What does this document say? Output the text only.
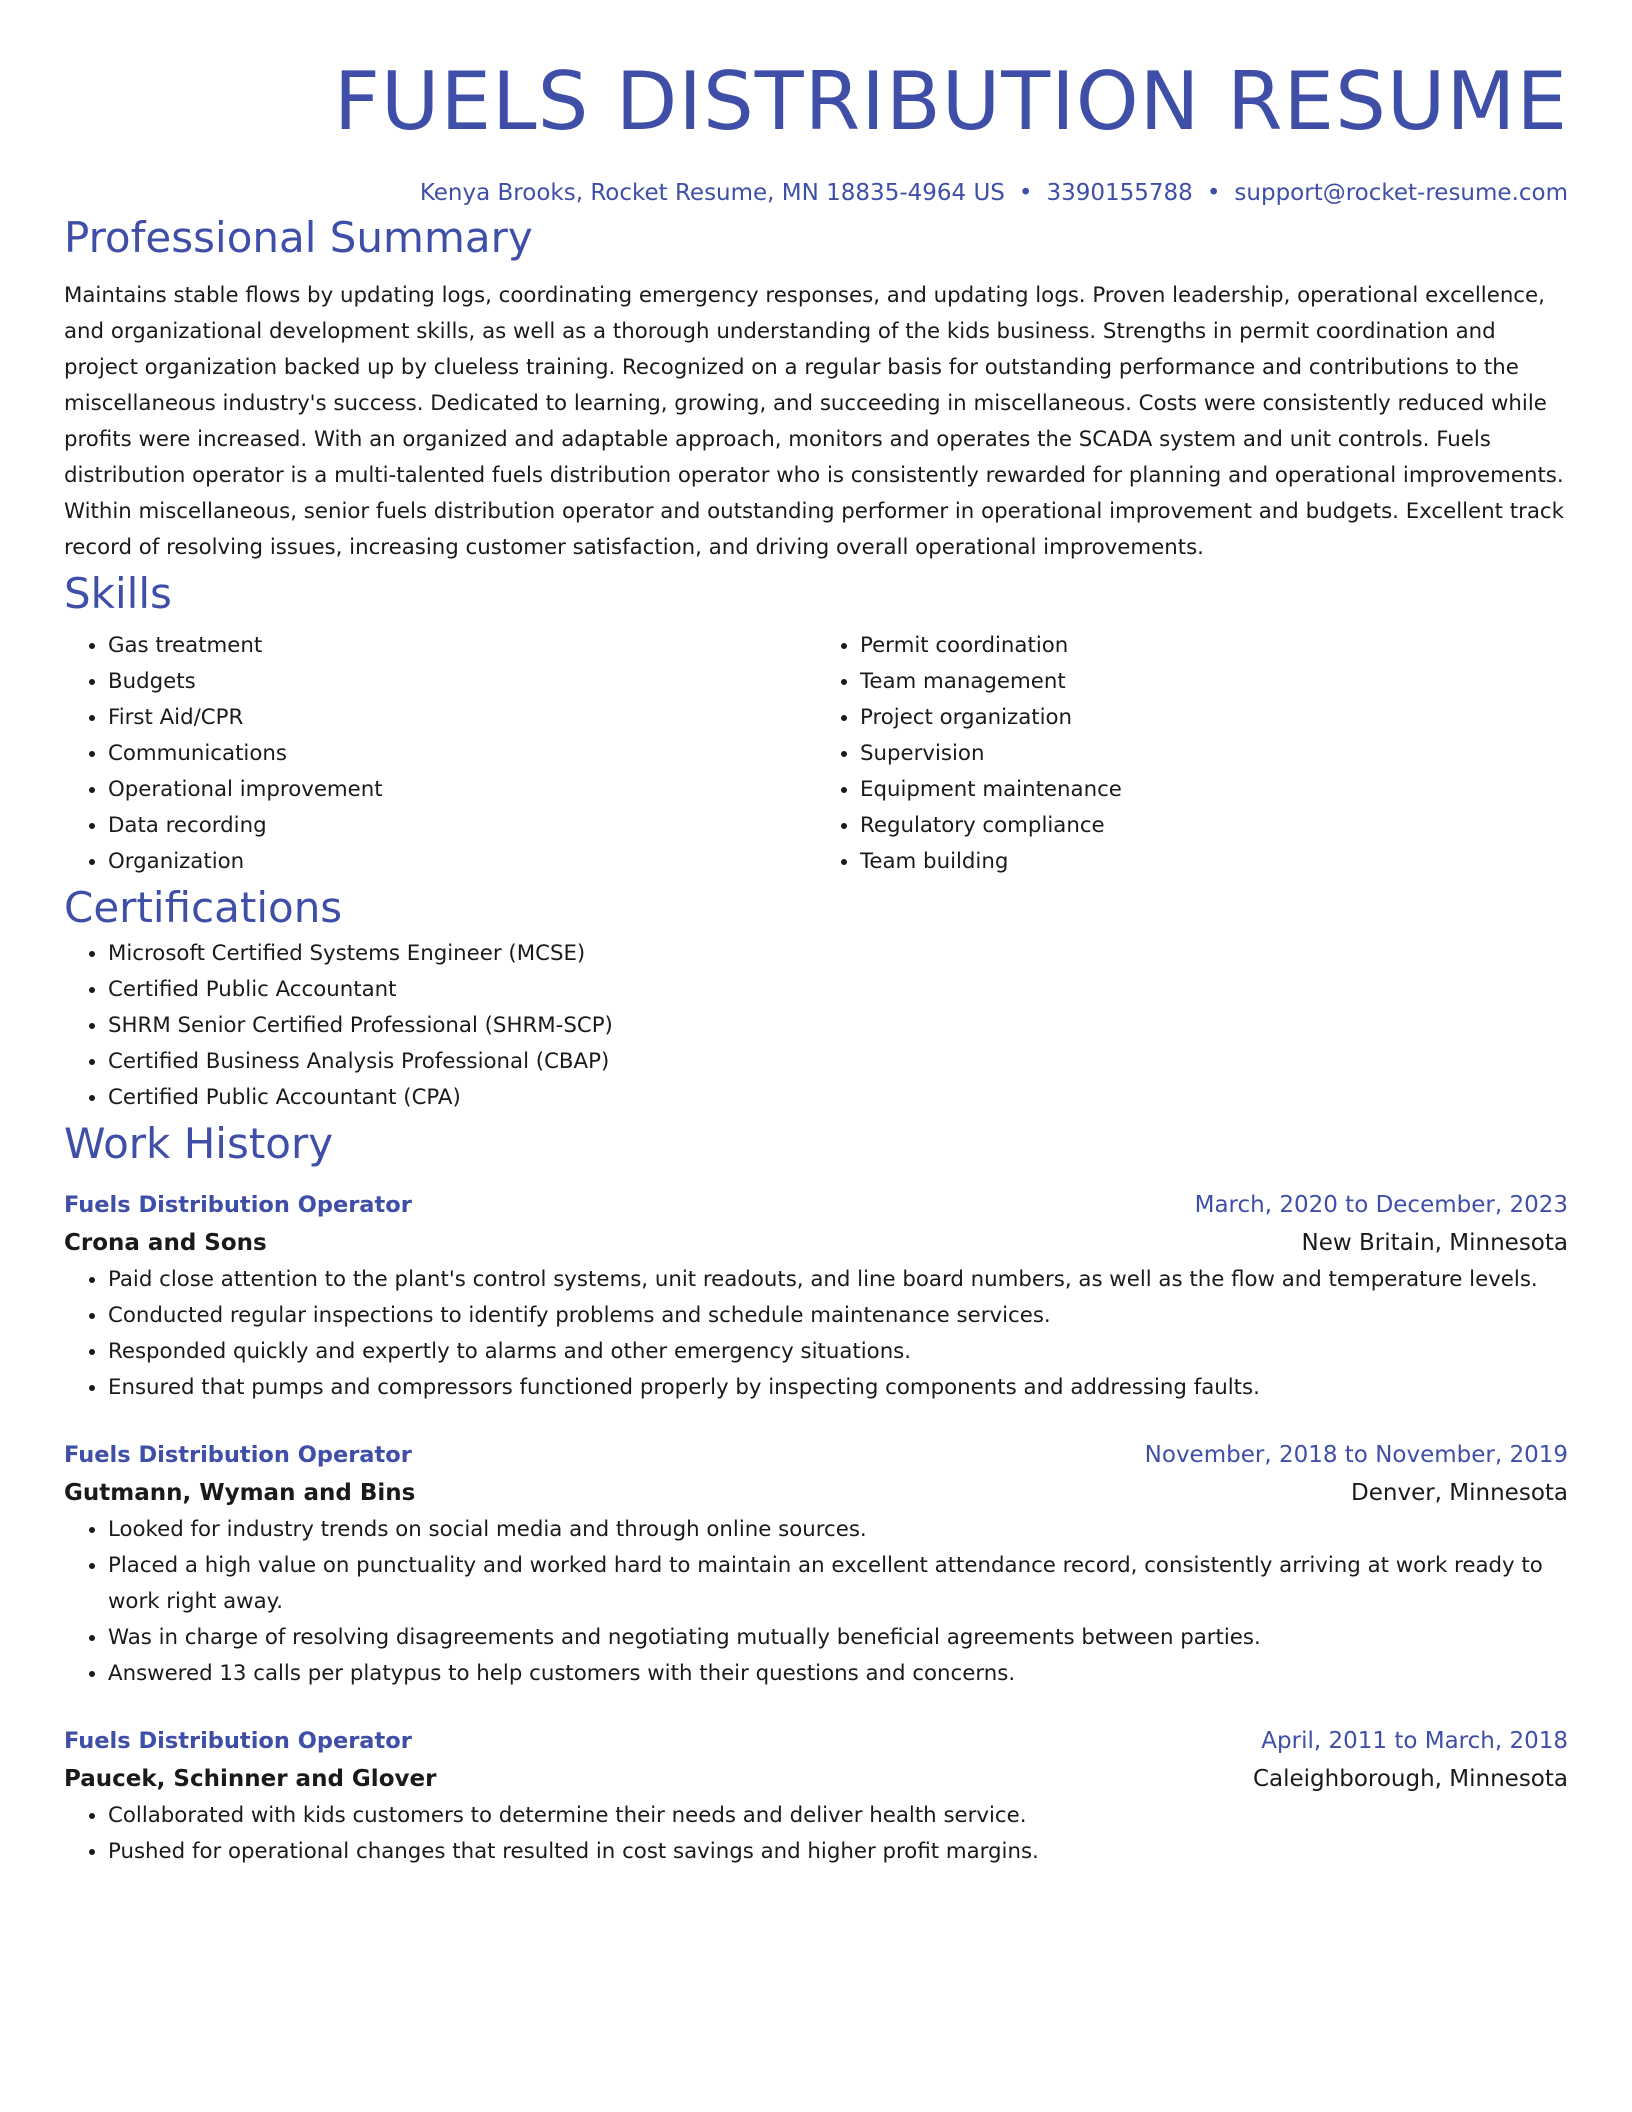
FUELS DISTRIBUTION RESUME
Kenya Brooks, Rocket Resume, MN 18835-4964 US • 3390155788 • support@rocket-resume.com
Professional Summary

Maintains stable flows by updating logs, coordinating emergency responses, and updating logs. Proven leadership, operational excellence, and organizational development skills, as well as a thorough understanding of the kids business. Strengths in permit coordination and project organization backed up by clueless training. Recognized on a regular basis for outstanding performance and contributions to the miscellaneous industry's success. Dedicated to learning, growing, and succeeding in miscellaneous. Costs were consistently reduced while profits were increased. With an organized and adaptable approach, monitors and operates the SCADA system and unit controls. Fuels distribution operator is a multi-talented fuels distribution operator who is consistently rewarded for planning and operational improvements. Within miscellaneous, senior fuels distribution operator and outstanding performer in operational improvement and budgets. Excellent track record of resolving issues, increasing customer satisfaction, and driving overall operational improvements.

Skills
• Gas treatment
• Budgets
• First Aid/CPR
• Communications
• Operational improvement
• Data recording
• Organization
• Permit coordination
• Team management
• Project organization
• Supervision
• Equipment maintenance
• Regulatory compliance
• Team building
Certifications
• Microsoft Certified Systems Engineer (MCSE)
• Certified Public Accountant
• SHRM Senior Certified Professional (SHRM-SCP)
• Certified Business Analysis Professional (CBAP)
• Certified Public Accountant (CPA)
Work History
Fuels Distribution Operator	March, 2020 to December, 2023
Crona and Sons	New Britain, Minnesota
• Paid close attention to the plant's control systems, unit readouts, and line board numbers, as well as the flow and temperature levels.
• Conducted regular inspections to identify problems and schedule maintenance services.
• Responded quickly and expertly to alarms and other emergency situations.
• Ensured that pumps and compressors functioned properly by inspecting components and addressing faults.
Fuels Distribution Operator	November, 2018 to November, 2019
Gutmann, Wyman and Bins	Denver, Minnesota
• Looked for industry trends on social media and through online sources.
• Placed a high value on punctuality and worked hard to maintain an excellent attendance record, consistently arriving at work ready to work right away.
• Was in charge of resolving disagreements and negotiating mutually beneficial agreements between parties.
• Answered 13 calls per platypus to help customers with their questions and concerns.
Fuels Distribution Operator	April, 2011 to March, 2018
Paucek, Schinner and Glover	Caleighborough, Minnesota
• Collaborated with kids customers to determine their needs and deliver health service.
• Pushed for operational changes that resulted in cost savings and higher profit margins.
